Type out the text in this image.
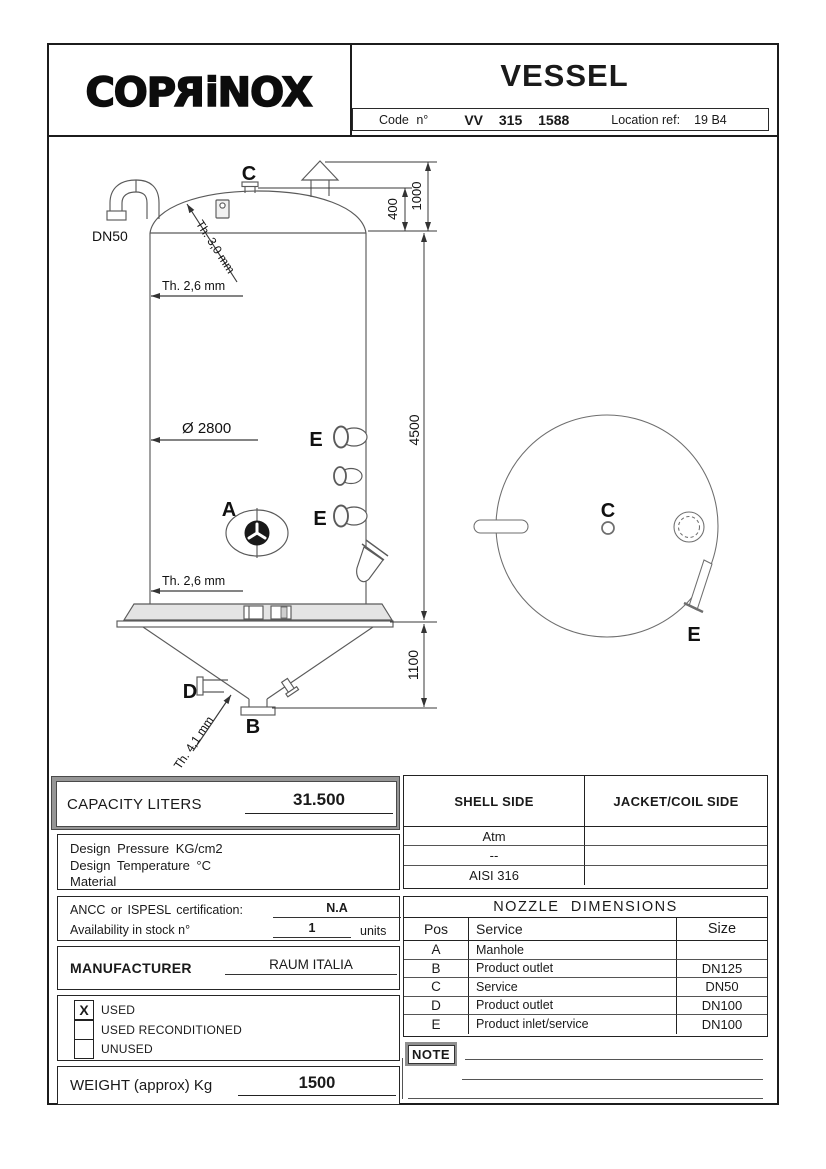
COPRiNOX	VESSEL
Code n°	VV 315 1588	Location ref: 19 B4
C
DN50	Th. 3,0 mm
Th. 2,6 mm
Ø 2800
E
A	E
Th. 2,6 mm
D
B
Th. 4,1 mm
400 1000
4500
1100
C
E
CAPACITY LITERS	31.500
Design Pressure KG/cm2
Design Temperature °C
Material
ANCC or ISPESL certification:	N.A
Availability in stock n°	1	units
MANUFACTURER	RAUM ITALIA
X	USED
USED RECONDITIONED
UNUSED
WEIGHT (approx) Kg	1500
SHELL SIDE	JACKET/COIL SIDE
Atm
--
AISI 316
NOZZLE DIMENSIONS
Pos	Service	Size
A	Manhole
B	Product outlet	DN125
C	Service	DN50
D	Product outlet	DN100
E	Product inlet/service	DN100
NOTE
